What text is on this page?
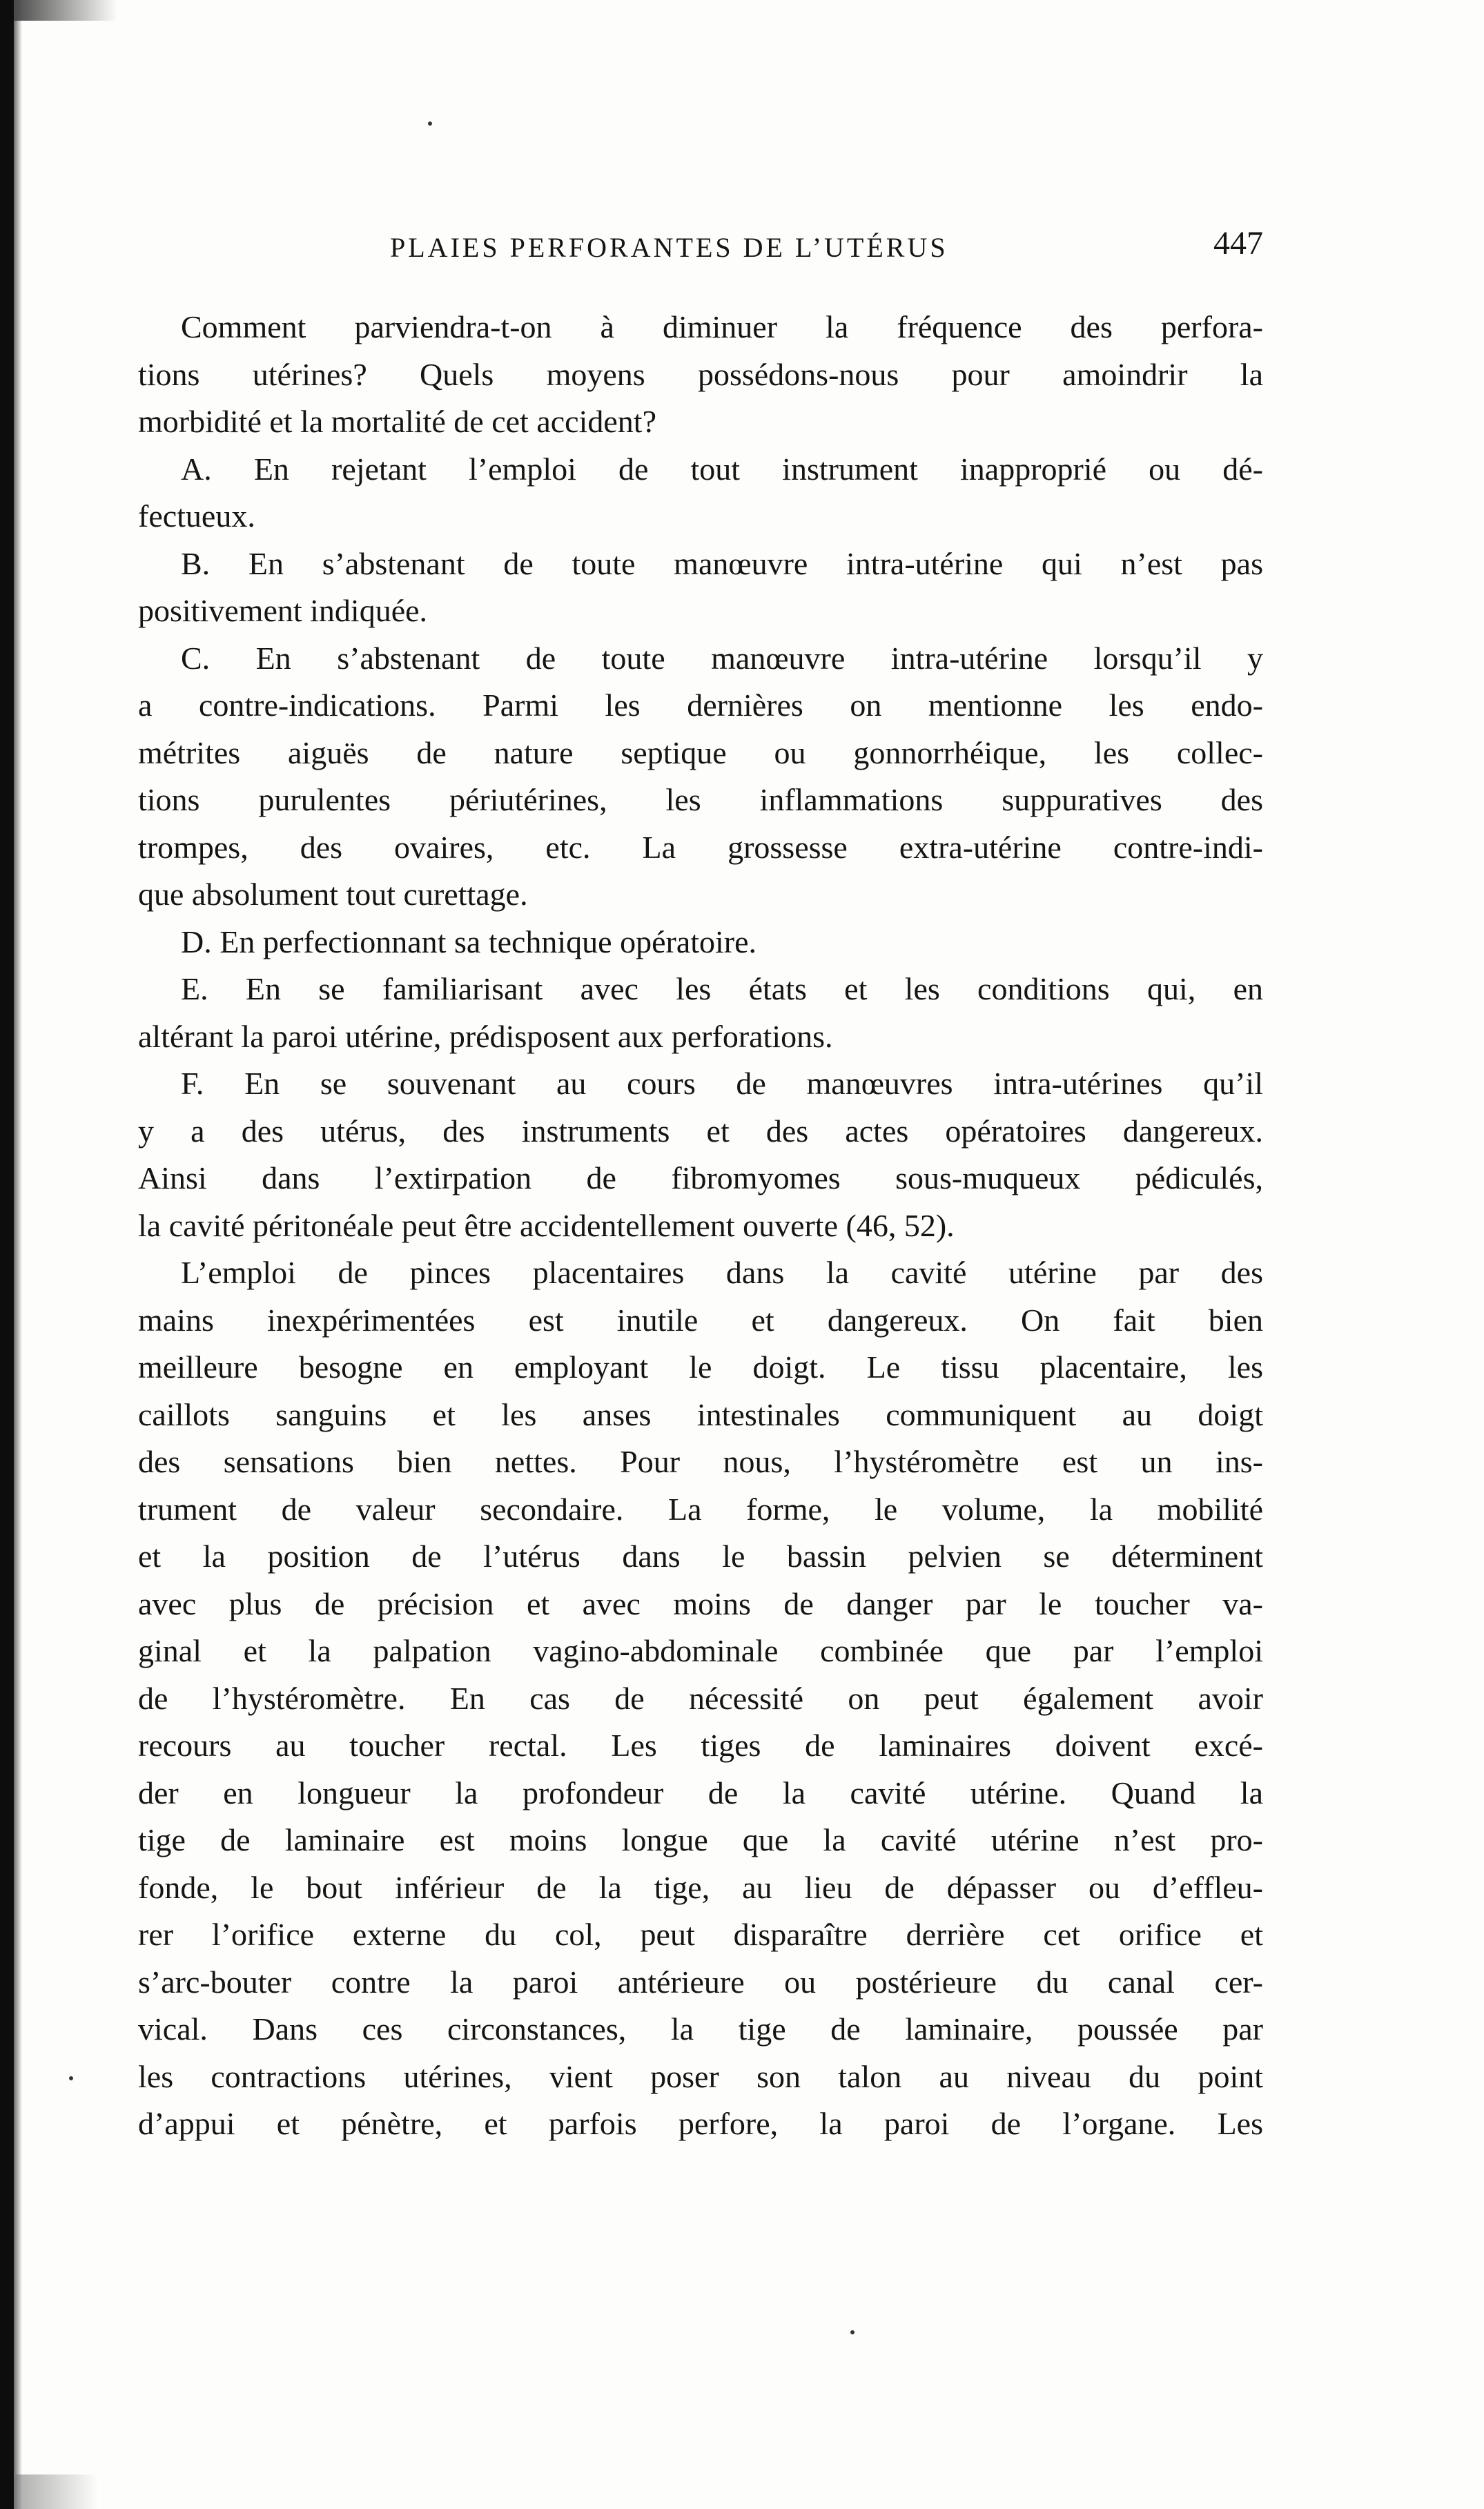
PLAIES PERFORANTES DE L’UTÉRUS	447
Comment parviendra-t-on à diminuer la fréquence des perfora-
tions utérines? Quels moyens possédons-nous pour amoindrir la
morbidité et la mortalité de cet accident?
A. En rejetant l’emploi de tout instrument inapproprié ou dé-
fectueux.
B. En s’abstenant de toute manœuvre intra-utérine qui n’est pas
positivement indiquée.
C. En s’abstenant de toute manœuvre intra-utérine lorsqu’il y
a contre-indications. Parmi les dernières on mentionne les endo-
métrites aiguës de nature septique ou gonnorrhéique, les collec-
tions purulentes périutérines, les inflammations suppuratives des
trompes, des ovaires, etc. La grossesse extra-utérine contre-indi-
que absolument tout curettage.
D. En perfectionnant sa technique opératoire.
E. En se familiarisant avec les états et les conditions qui, en
altérant la paroi utérine, prédisposent aux perforations.
F. En se souvenant au cours de manœuvres intra-utérines qu’il
y a des utérus, des instruments et des actes opératoires dangereux.
Ainsi dans l’extirpation de fibromyomes sous-muqueux pédiculés,
la cavité péritonéale peut être accidentellement ouverte (46, 52).
L’emploi de pinces placentaires dans la cavité utérine par des
mains inexpérimentées est inutile et dangereux. On fait bien
meilleure besogne en employant le doigt. Le tissu placentaire, les
caillots sanguins et les anses intestinales communiquent au doigt
des sensations bien nettes. Pour nous, l’hystéromètre est un ins-
trument de valeur secondaire. La forme, le volume, la mobilité
et la position de l’utérus dans le bassin pelvien se déterminent
avec plus de précision et avec moins de danger par le toucher va-
ginal et la palpation vagino-abdominale combinée que par l’emploi
de l’hystéromètre. En cas de nécessité on peut également avoir
recours au toucher rectal. Les tiges de laminaires doivent excé-
der en longueur la profondeur de la cavité utérine. Quand la
tige de laminaire est moins longue que la cavité utérine n’est pro-
fonde, le bout inférieur de la tige, au lieu de dépasser ou d’effleu-
rer l’orifice externe du col, peut disparaître derrière cet orifice et
s’arc-bouter contre la paroi antérieure ou postérieure du canal cer-
vical. Dans ces circonstances, la tige de laminaire, poussée par
les contractions utérines, vient poser son talon au niveau du point
d’appui et pénètre, et parfois perfore, la paroi de l’organe. Les
